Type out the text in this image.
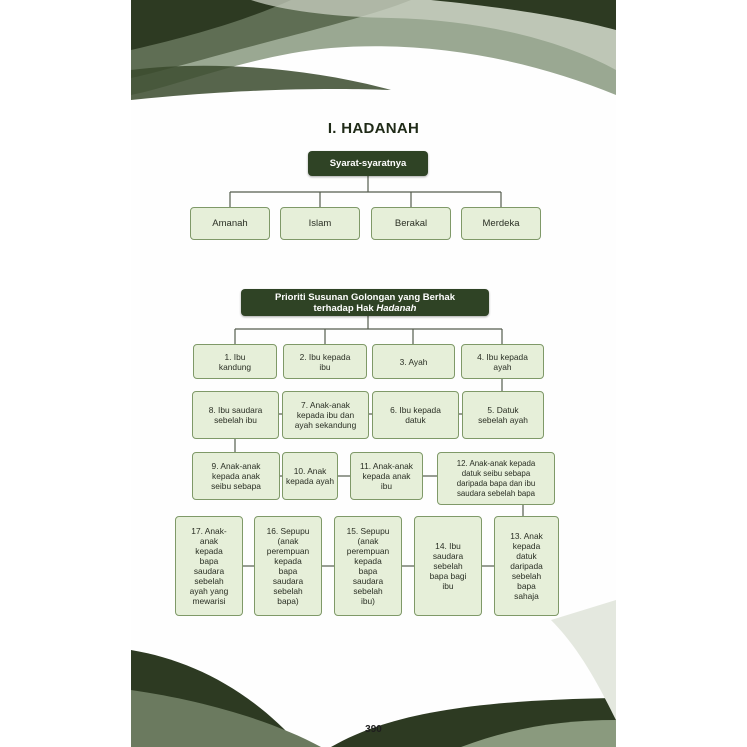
I. HADANAH
Syarat-syaratnya
Amanah	Islam	Berakal	Merdeka
Prioriti Susunan Golongan yang Berhak
terhadap Hak Hadanah
1. Ibu
kandung
2. Ibu kepada
ibu	3. Ayah	4. Ibu kepada
ayah
5. Datuk
sebelah ayah
6. Ibu kepada
datuk
7. Anak-anak
kepada ibu dan
ayah sekandung
8. Ibu saudara
sebelah ibu
9. Anak-anak
kepada anak
seibu sebapa
10. Anak
kepada ayah
11. Anak-anak
kepada anak
ibu
12. Anak-anak kepada
datuk seibu sebapa
daripada bapa dan ibu
saudara sebelah bapa
13. Anak
kepada
datuk
daripada
sebelah
bapa
sahaja
14. Ibu
saudara
sebelah
bapa bagi
ibu
15. Sepupu
(anak
perempuan
kepada
bapa
saudara
sebelah
ibu)
16. Sepupu
(anak
perempuan
kepada
bapa
saudara
sebelah
bapa)
17. Anak-
anak
kepada
bapa
saudara
sebelah
ayah yang
mewarisi
390
